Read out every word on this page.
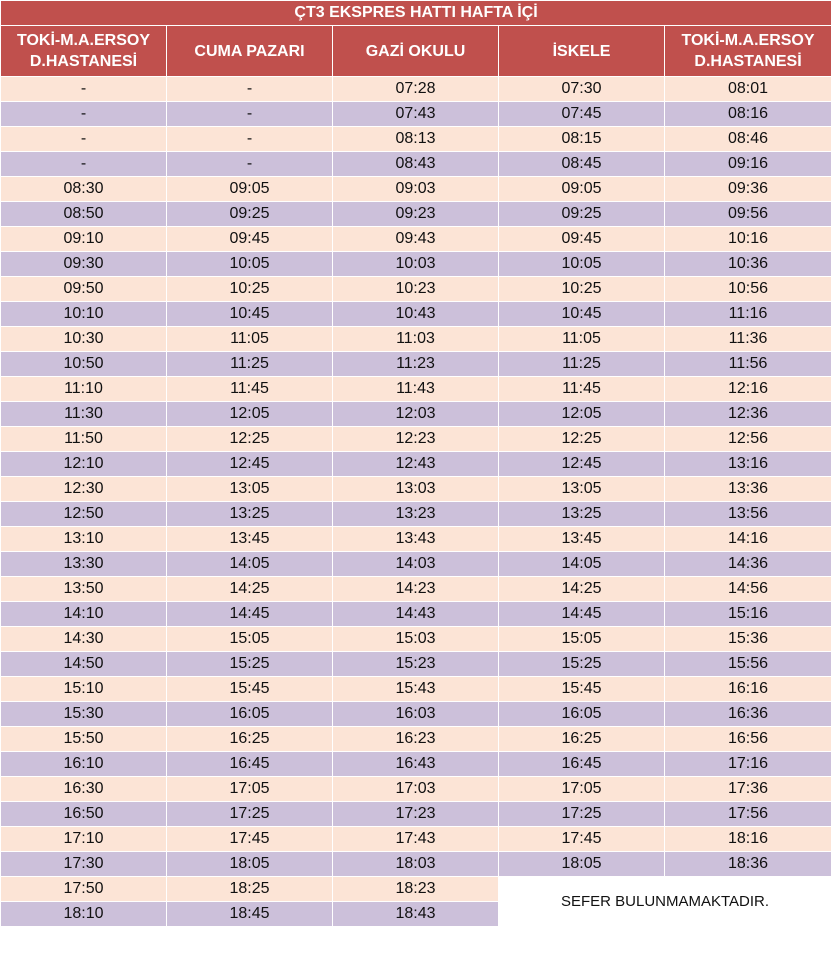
ÇT3 EKSPRES HATTI HAFTA İÇİ				
TOKİ-M.A.ERSOY D.HASTANESİ	CUMA PAZARI	GAZİ OKULU	İSKELE	TOKİ-M.A.ERSOY D.HASTANESİ
-	-	07:28	07:30	08:01
-	-	07:43	07:45	08:16
-	-	08:13	08:15	08:46
-	-	08:43	08:45	09:16
08:30	09:05	09:03	09:05	09:36
08:50	09:25	09:23	09:25	09:56
09:10	09:45	09:43	09:45	10:16
09:30	10:05	10:03	10:05	10:36
09:50	10:25	10:23	10:25	10:56
10:10	10:45	10:43	10:45	11:16
10:30	11:05	11:03	11:05	11:36
10:50	11:25	11:23	11:25	11:56
11:10	11:45	11:43	11:45	12:16
11:30	12:05	12:03	12:05	12:36
11:50	12:25	12:23	12:25	12:56
12:10	12:45	12:43	12:45	13:16
12:30	13:05	13:03	13:05	13:36
12:50	13:25	13:23	13:25	13:56
13:10	13:45	13:43	13:45	14:16
13:30	14:05	14:03	14:05	14:36
13:50	14:25	14:23	14:25	14:56
14:10	14:45	14:43	14:45	15:16
14:30	15:05	15:03	15:05	15:36
14:50	15:25	15:23	15:25	15:56
15:10	15:45	15:43	15:45	16:16
15:30	16:05	16:03	16:05	16:36
15:50	16:25	16:23	16:25	16:56
16:10	16:45	16:43	16:45	17:16
16:30	17:05	17:03	17:05	17:36
16:50	17:25	17:23	17:25	17:56
17:10	17:45	17:43	17:45	18:16
17:30	18:05	18:03	18:05	18:36
17:50	18:25	18:23	SEFER BULUNMAMAKTADIR.	
18:10	18:45	18:43		
